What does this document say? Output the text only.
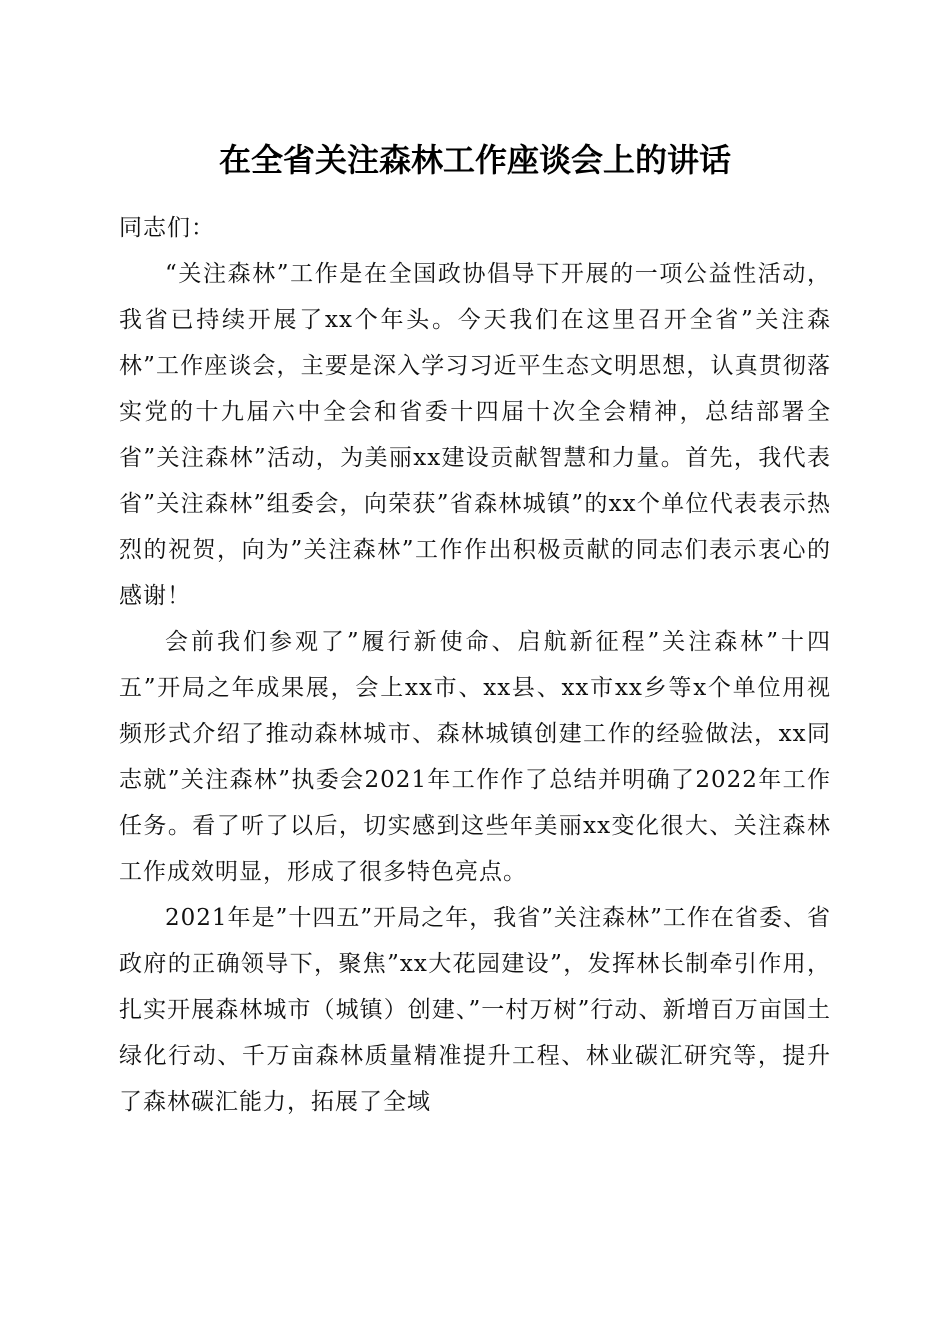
在全省关注森林工作座谈会上的讲话

同志们：

“关注森林”工作是在全国政协倡导下开展的一项公益性活动，我省已持续开展了xx个年头。今天我们在这里召开全省”关注森林”工作座谈会，主要是深入学习习近平生态文明思想，认真贯彻落实党的十九届六中全会和省委十四届十次全会精神，总结部署全省”关注森林”活动，为美丽xx建设贡献智慧和力量。首先，我代表省”关注森林”组委会，向荣获”省森林城镇”的xx个单位代表表示热烈的祝贺，向为”关注森林”工作作出积极贡献的同志们表示衷心的感谢！

会前我们参观了”履行新使命、启航新征程”关注森林”十四五”开局之年成果展，会上xx市、xx县、xx市xx乡等x个单位用视频形式介绍了推动森林城市、森林城镇创建工作的经验做法，xx同志就”关注森林”执委会2021年工作作了总结并明确了2022年工作任务。看了听了以后，切实感到这些年美丽xx变化很大、关注森林工作成效明显，形成了很多特色亮点。

2021年是”十四五”开局之年，我省”关注森林”工作在省委、省政府的正确领导下，聚焦”xx大花园建设”，发挥林长制牵引作用，扎实开展森林城市（城镇）创建、”一村万树”行动、新增百万亩国土绿化行动、千万亩森林质量精准提升工程、林业碳汇研究等，提升了森林碳汇能力，拓展了全域
